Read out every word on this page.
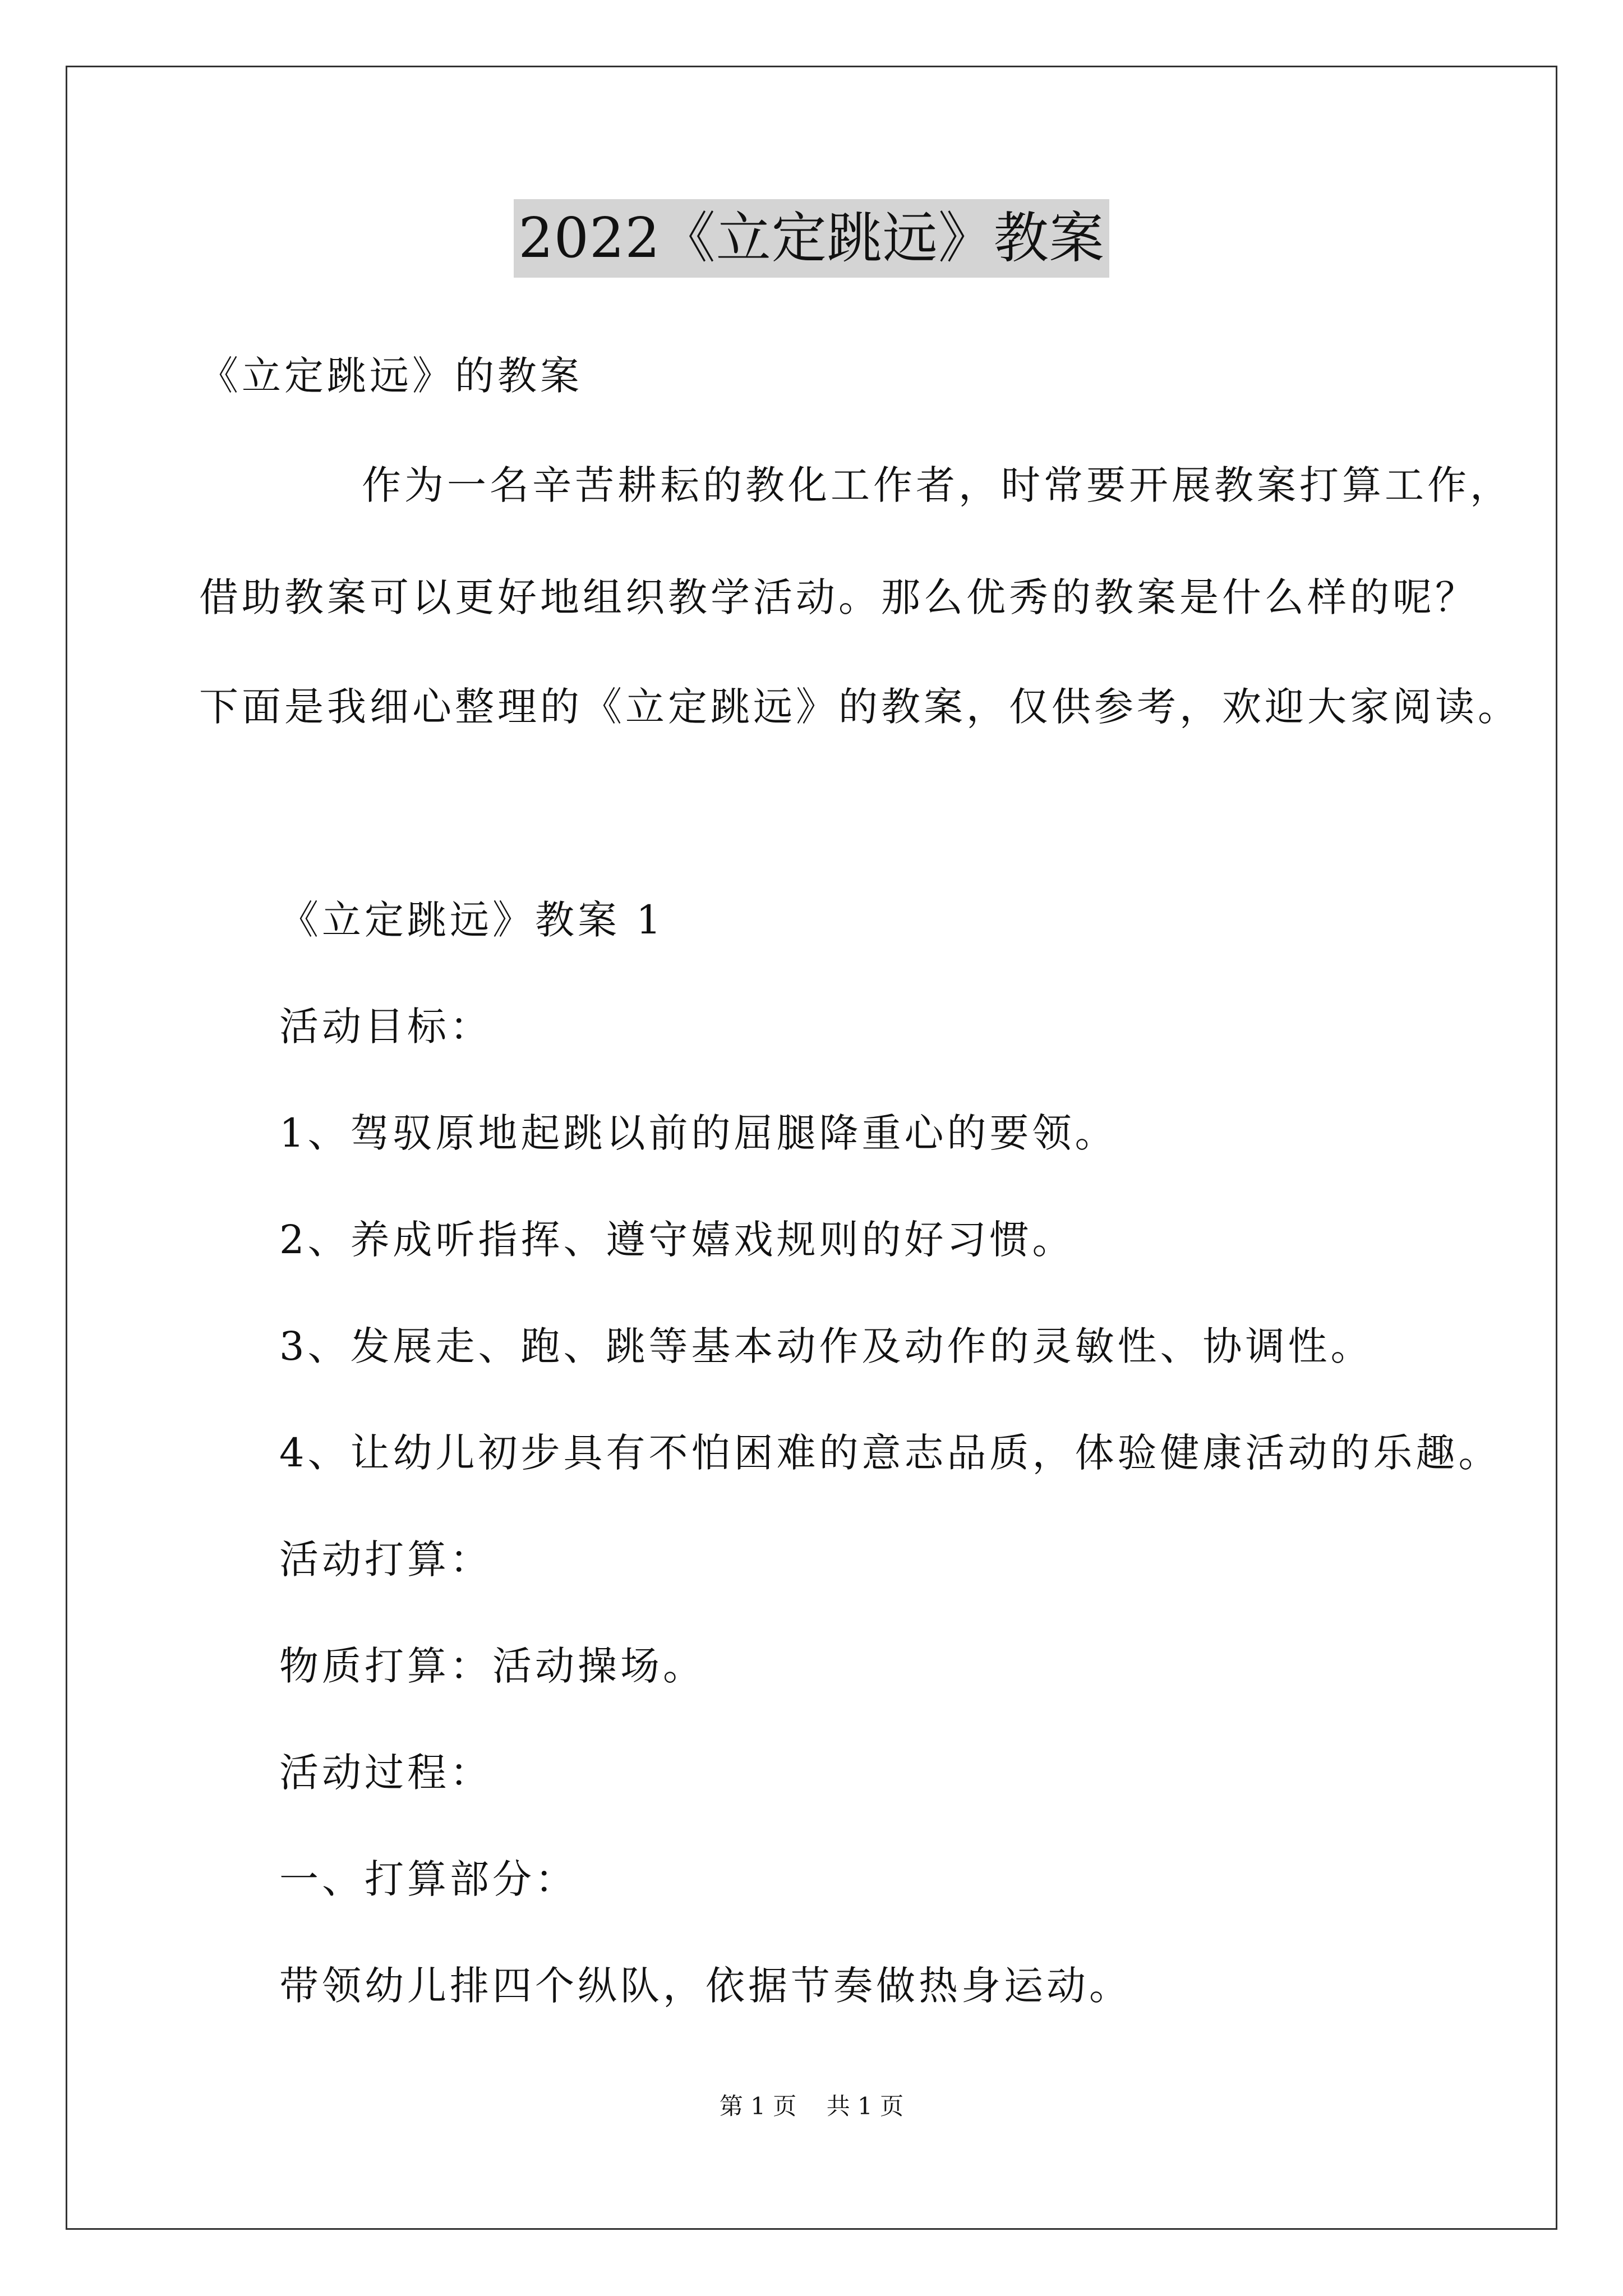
2022《立定跳远》教案
《立定跳远》的教案
作为一名辛苦耕耘的教化工作者，时常要开展教案打算工作，
借助教案可以更好地组织教学活动。那么优秀的教案是什么样的呢？
下面是我细心整理的《立定跳远》的教案，仅供参考，欢迎大家阅读。
《立定跳远》教案 1
活动目标：
1、驾驭原地起跳以前的屈腿降重心的要领。
2、养成听指挥、遵守嬉戏规则的好习惯。
3、发展走、跑、跳等基本动作及动作的灵敏性、协调性。
4、让幼儿初步具有不怕困难的意志品质，体验健康活动的乐趣。
活动打算：
物质打算：活动操场。
活动过程：
一、打算部分：
带领幼儿排四个纵队，依据节奏做热身运动。
第 1 页    共 1 页
